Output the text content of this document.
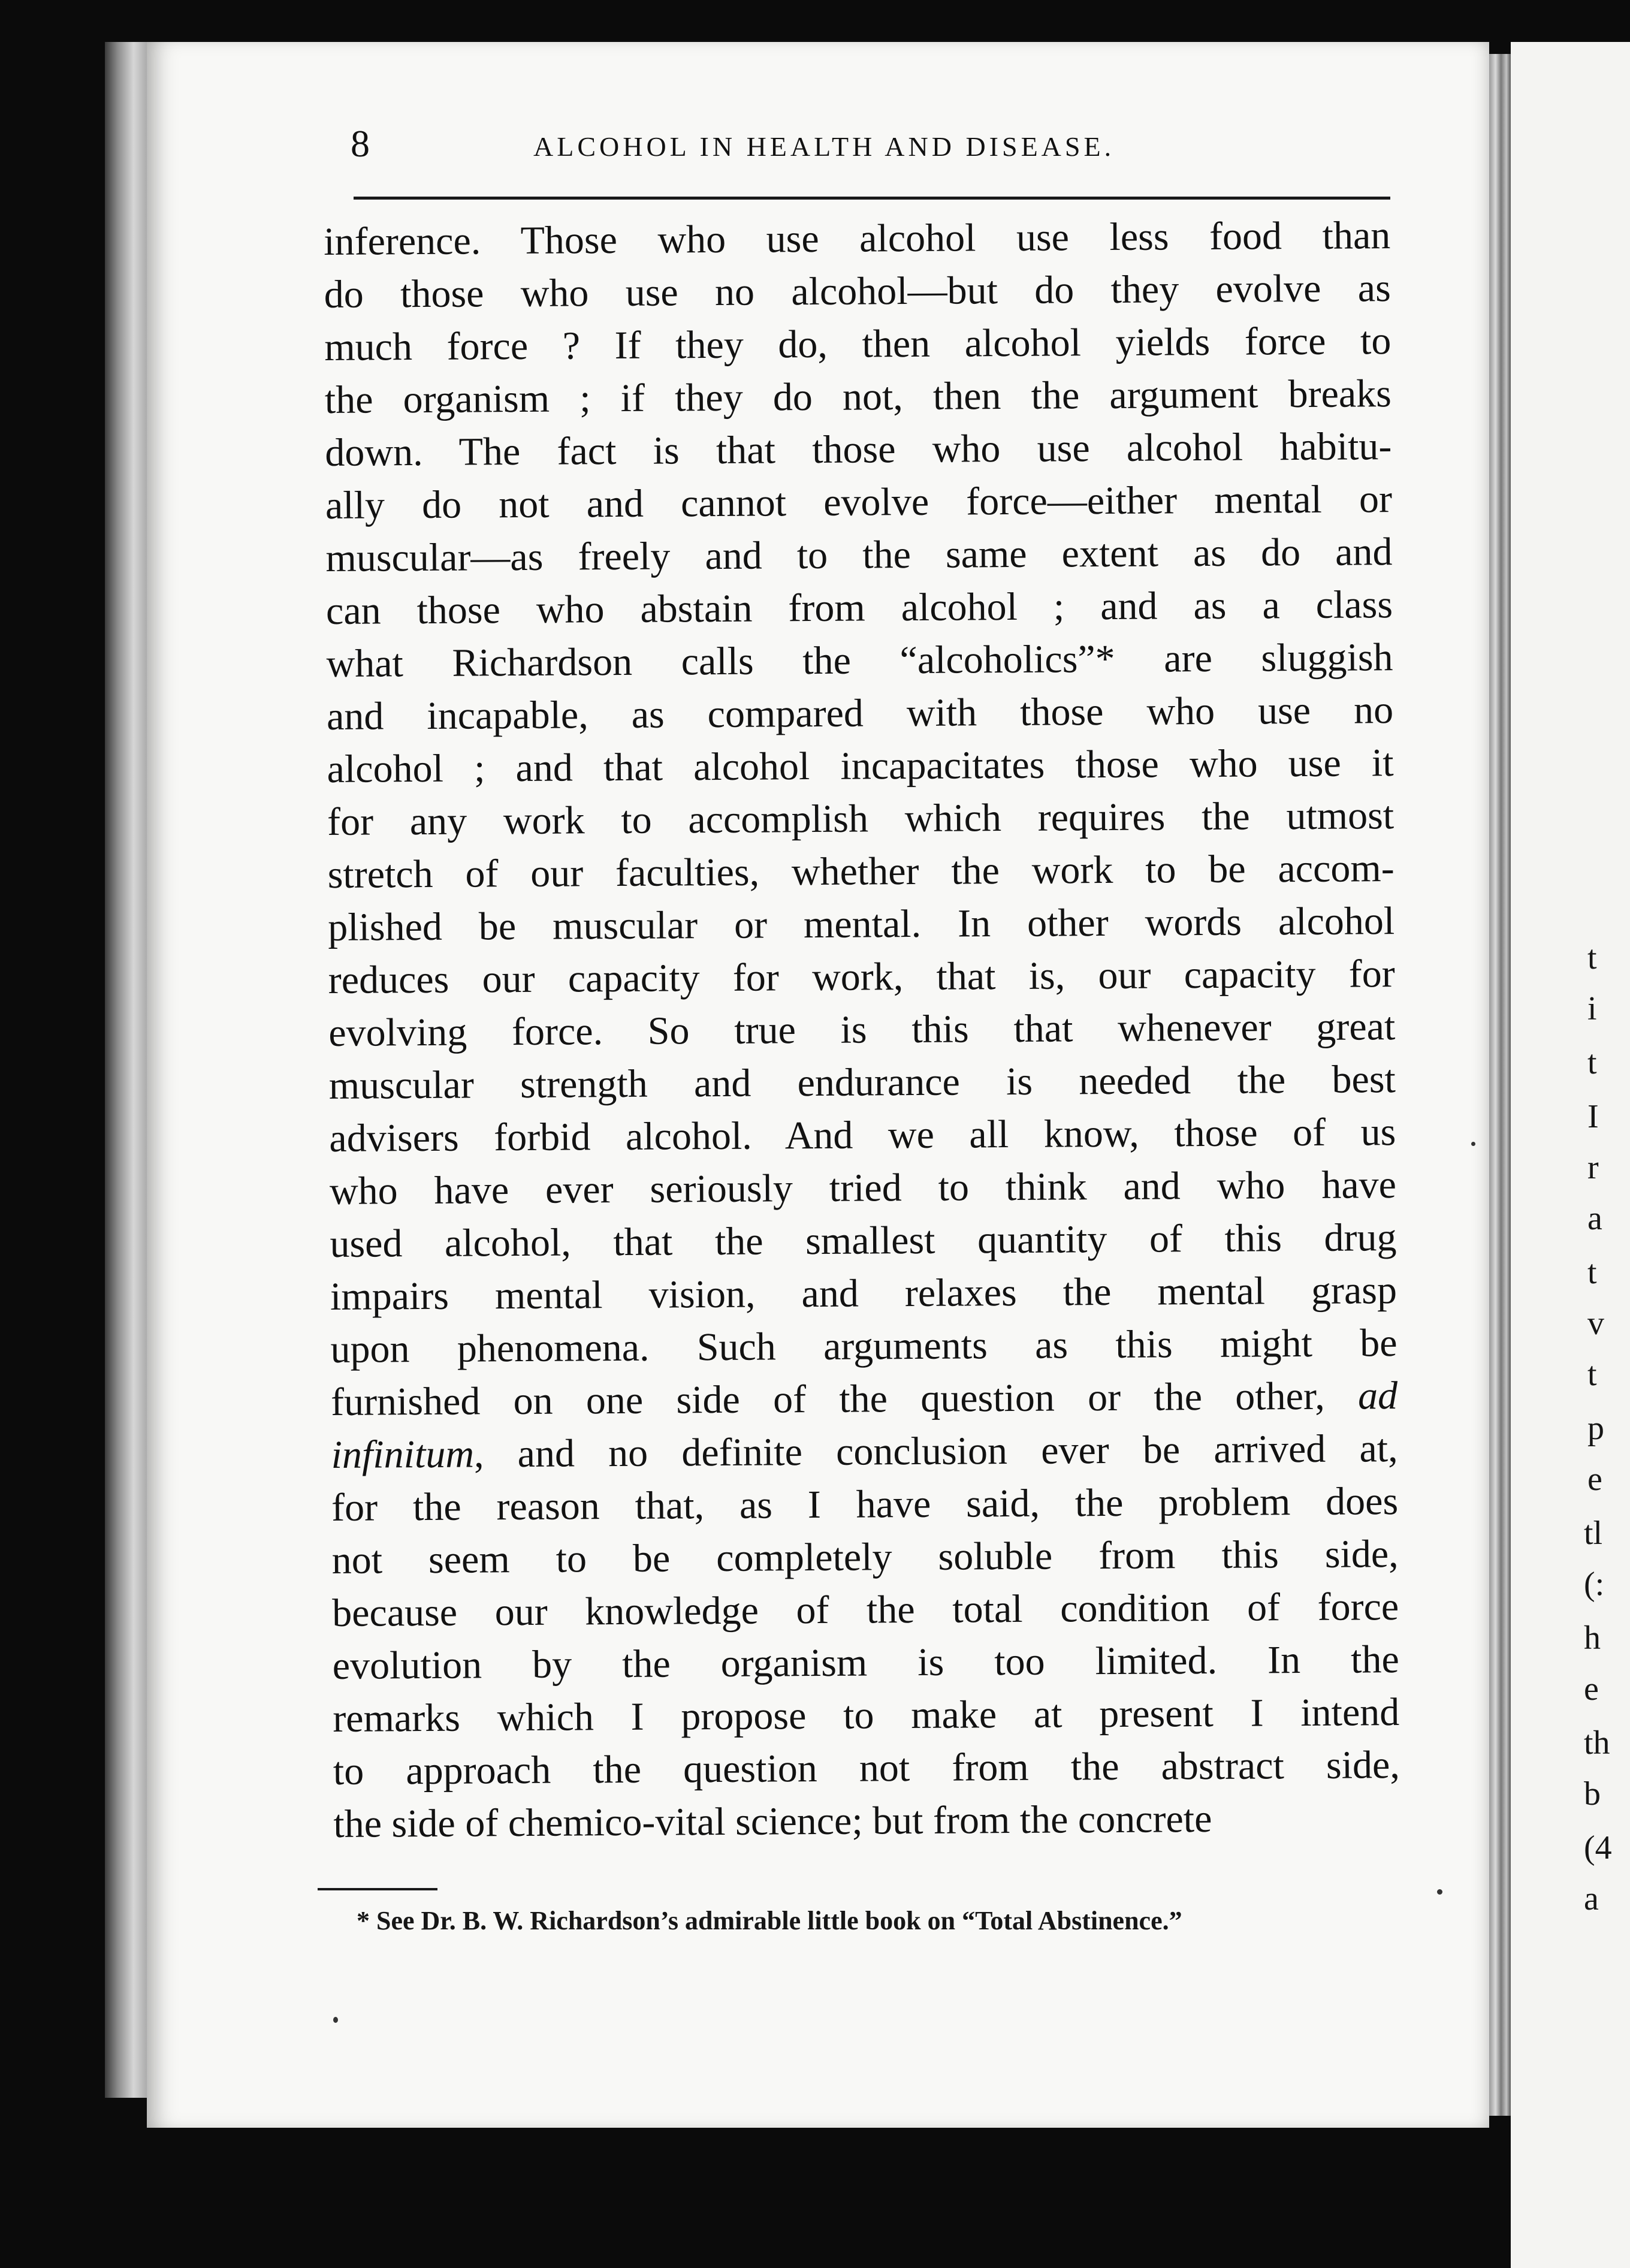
t
i
t
I
r
a
t
v
t
p
e
tl
(:
h
e
th
b
(4
a
8	ALCOHOL IN HEALTH AND DISEASE.
inference. Those who use alcohol use less food than
do those who use no alcohol—but do they evolve as
much force ? If they do, then alcohol yields force to
the organism ; if they do not, then the argument breaks
down. The fact is that those who use alcohol habitu-
ally do not and cannot evolve force—either mental or
muscular—as freely and to the same extent as do and
can those who abstain from alcohol ; and as a class
what Richardson calls the “alcoholics”* are sluggish
and incapable, as compared with those who use no
alcohol ; and that alcohol incapacitates those who use it
for any work to accomplish which requires the utmost
stretch of our faculties, whether the work to be accom-
plished be muscular or mental. In other words alcohol
reduces our capacity for work, that is, our capacity for
evolving force. So true is this that whenever great
muscular strength and endurance is needed the best
advisers forbid alcohol. And we all know, those of us
who have ever seriously tried to think and who have
used alcohol, that the smallest quantity of this drug
impairs mental vision, and relaxes the mental grasp
upon phenomena. Such arguments as this might be
furnished on one side of the question or the other, ad
infinitum, and no definite conclusion ever be arrived at,
for the reason that, as I have said, the problem does
not seem to be completely soluble from this side,
because our knowledge of the total condition of force
evolution by the organism is too limited. In the
remarks which I propose to make at present I intend
to approach the question not from the abstract side,
the side of chemico-vital science; but from the concrete
* See Dr. B. W. Richardson’s admirable little book on “Total Abstinence.”
